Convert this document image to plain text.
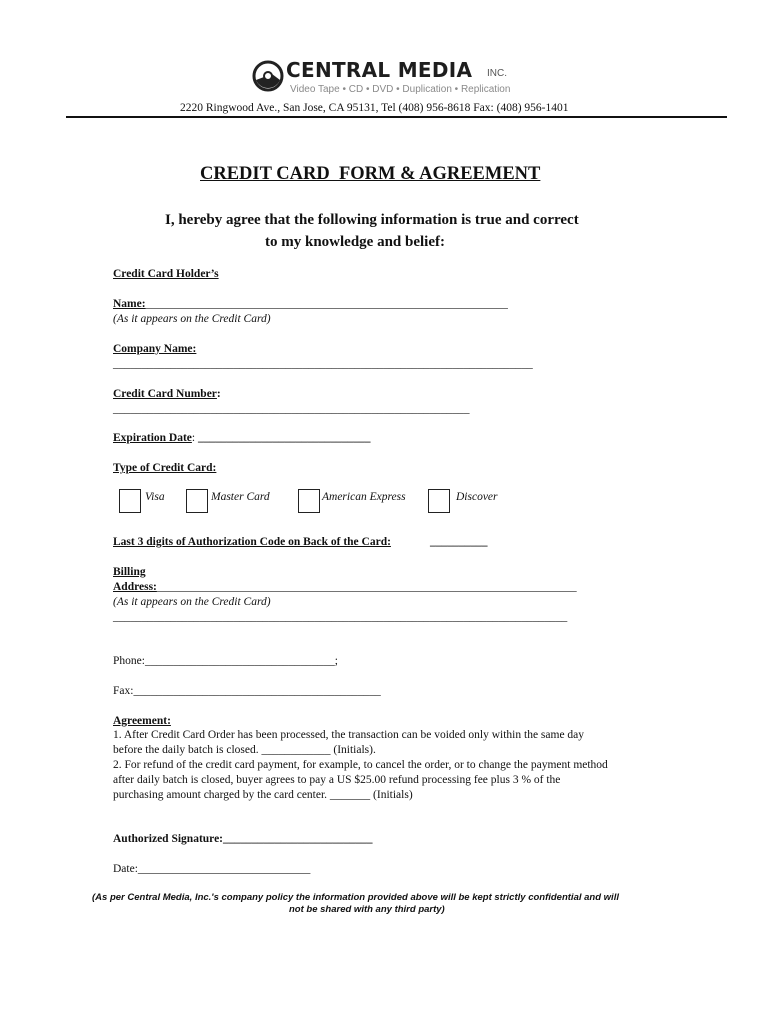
CENTRAL MEDIA INC.
Video Tape • CD • DVD • Duplication • Replication
2220 Ringwood Ave., San Jose, CA 95131, Tel (408) 956-8618 Fax: (408) 956-1401
CREDIT CARD  FORM & AGREEMENT
I, hereby agree that the following information is true and correct
to my knowledge and belief:
Credit Card Holder’s
Name:_______________________________________________________________
(As it appears on the Credit Card)
Company Name:
_________________________________________________________________________
Credit Card Number:
______________________________________________________________
Expiration Date: ______________________________
Type of Credit Card:
Visa	Master Card	American Express	Discover
Last 3 digits of Authorization Code on Back of the Card:	__________
Billing
Address:_________________________________________________________________________
(As it appears on the Credit Card)
_______________________________________________________________________________
Phone:_________________________________;
Fax:___________________________________________
Agreement:
1. After Credit Card Order has been processed, the transaction can be voided only within the same day
before the daily batch is closed. ____________ (Initials).
2. For refund of the credit card payment, for example, to cancel the order, or to change the payment method
after daily batch is closed, buyer agrees to pay a US $25.00 refund processing fee plus 3 % of the
purchasing amount charged by the card center. _______ (Initials)
Authorized Signature:__________________________
Date:______________________________
(As per Central Media, Inc.'s company policy the information provided above will be kept strictly confidential and will
not be shared with any third party)
